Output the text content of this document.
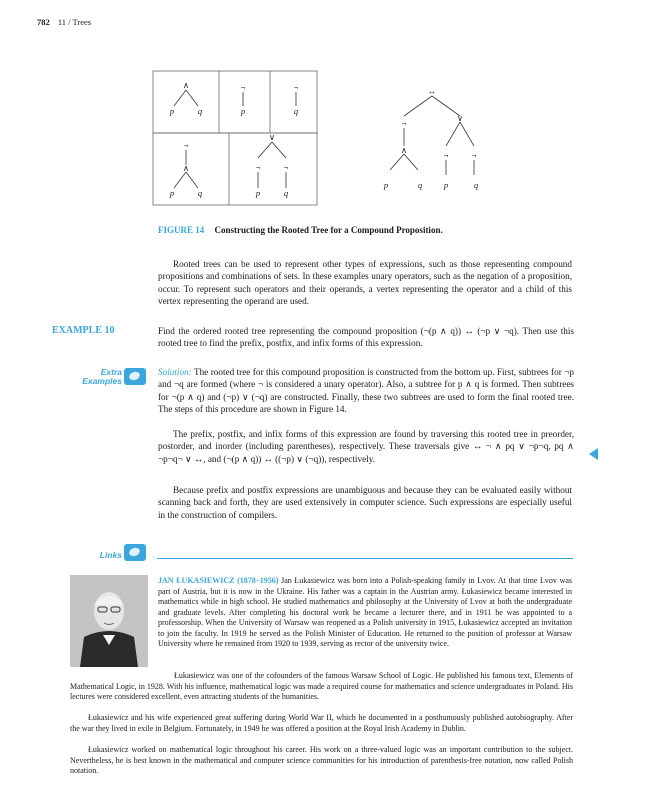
782 11 / Trees
∧
p	q
¬
p
¬
q
¬
∧
p	q
∨
¬	¬
p	q
↔
¬	∨
∧	¬	¬
p	q	p	q
FIGURE 14 Constructing the Rooted Tree for a Compound Proposition.
Rooted trees can be used to represent other types of expressions, such as those representing compound propositions and combinations of sets. In these examples unary operators, such as the negation of a proposition, occur. To represent such operators and their operands, a vertex representing the operator and a child of this vertex representing the operand are used.
EXAMPLE 10	Find the ordered rooted tree representing the compound proposition (¬(p ∧ q)) ↔ (¬p ∨ ¬q). Then use this rooted tree to find the prefix, postfix, and infix forms of this expression.
Extra
Examples
Solution: The rooted tree for this compound proposition is constructed from the bottom up. First, subtrees for ¬p and ¬q are formed (where ¬ is considered a unary operator). Also, a subtree for p ∧ q is formed. Then subtrees for ¬(p ∧ q) and (¬p) ∨ (¬q) are constructed. Finally, these two subtrees are used to form the final rooted tree. The steps of this procedure are shown in Figure 14.
The prefix, postfix, and infix forms of this expression are found by traversing this rooted tree in preorder, postorder, and inorder (including parentheses), respectively. These traversals give ↔ ¬ ∧ pq ∨ ¬p¬q, pq ∧ ¬p¬q¬ ∨ ↔, and (¬(p ∧ q)) ↔ ((¬p) ∨ (¬q)), respectively.
Because prefix and postfix expressions are unambiguous and because they can be evaluated easily without scanning back and forth, they are used extensively in computer science. Such expressions are especially useful in the construction of compilers.
Links
JAN ŁUKASIEWICZ (1878–1956) Jan Łukasiewicz was born into a Polish-speaking family in Lvov. At that time Lvov was part of Austria, but it is now in the Ukraine. His father was a captain in the Austrian army. Łukasiewicz became interested in mathematics while in high school. He studied mathematics and philosophy at the University of Lvov at both the undergraduate and graduate levels. After completing his doctoral work he became a lecturer there, and in 1911 he was appointed to a professorship. When the University of Warsaw was reopened as a Polish university in 1915, Łukasiewicz accepted an invitation to join the faculty. In 1919 he served as the Polish Minister of Education. He returned to the position of professor at Warsaw University where he remained from 1920 to 1939, serving as rector of the university twice.
Łukasiewicz was one of the cofounders of the famous Warsaw School of Logic. He published his famous text, Elements of Mathematical Logic, in 1928. With his influence, mathematical logic was made a required course for mathematics and science undergraduates in Poland. His lectures were considered excellent, even attracting students of the humanities.
Łukasiewicz and his wife experienced great suffering during World War II, which he documented in a posthumously published autobiography. After the war they lived in exile in Belgium. Fortunately, in 1949 he was offered a position at the Royal Irish Academy in Dublin.
Łukasiewicz worked on mathematical logic throughout his career. His work on a three-valued logic was an important contribution to the subject. Nevertheless, he is best known in the mathematical and computer science communities for his introduction of parenthesis-free notation, now called Polish notation.
